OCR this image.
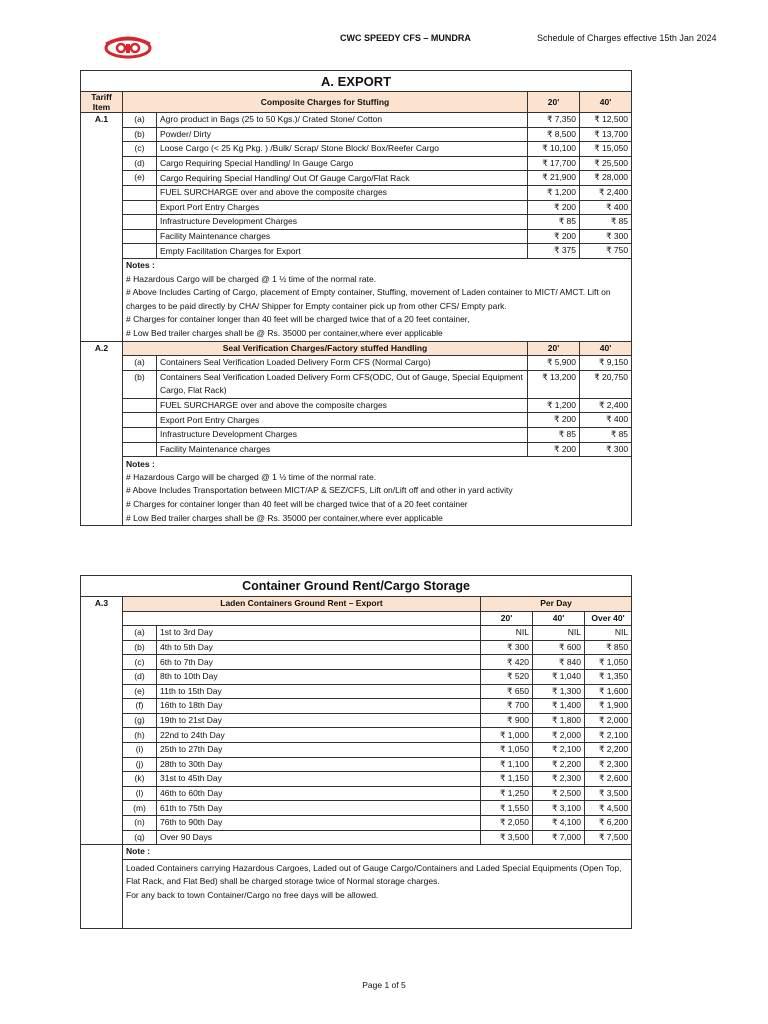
CWC SPEEDY CFS – MUNDRA	Schedule of Charges effective 15th Jan 2024
A. EXPORT				
Tariff Item	Composite Charges for Stuffing		20'	40'
A.1	(a)	Agro product in Bags (25 to 50 Kgs.)/ Crated Stone/ Cotton	₹ 7,350	₹ 12,500
	(b)	Powder/ Dirty	₹ 8,500	₹ 13,700
	(c)	Loose Cargo (< 25 Kg Pkg. ) /Bulk/ Scrap/ Stone Block/ Box/Reefer Cargo	₹ 10,100	₹ 15,050
	(d)	Cargo Requiring Special Handling/ In Gauge Cargo	₹ 17,700	₹ 25,500
	(e)	Cargo Requiring Special Handling/ Out Of Gauge Cargo/Flat Rack	₹ 21,900	₹ 28,000
		FUEL SURCHARGE over and above the composite charges	₹ 1,200	₹ 2,400
		Export Port Entry Charges	₹ 200	₹ 400
		Infrastructure Development Charges	₹ 85	₹ 85
		Facility Maintenance charges	₹ 200	₹ 300
		Empty Facilitation Charges for Export	₹ 375	₹ 750
	Notes :			
	# Hazardous Cargo will be charged @ 1 ½ time of the normal rate.			
	# Above Includes Carting of Cargo, placement of Empty container, Stuffing, movement of Laden container to MICT/ AMCT. Lift on charges to be paid directly by CHA/ Shipper for Empty container pick up from other CFS/ Empty park.			
	# Charges for container longer than 40 feet will be charged twice that of a 20 feet container,			
	# Low Bed trailer charges shall be @ Rs. 35000 per container,where ever applicable			
A.2	Seal Verification Charges/Factory stuffed Handling		20'	40'
	(a)	Containers Seal Verification Loaded Delivery Form CFS (Normal Cargo)	₹ 5,900	₹ 9,150
	(b)	Containers Seal Verification Loaded Delivery Form CFS(ODC, Out of Gauge, Special Equipment Cargo, Flat Rack)	₹ 13,200	₹ 20,750
		FUEL SURCHARGE over and above the composite charges	₹ 1,200	₹ 2,400
		Export Port Entry Charges	₹ 200	₹ 400
		Infrastructure Development Charges	₹ 85	₹ 85
		Facility Maintenance charges	₹ 200	₹ 300
	Notes :			
	# Hazardous Cargo will be charged @ 1 ½ time of the normal rate.			
	# Above Includes Transportation between MICT/AP & SEZ/CFS, Lift on/Lift off and other in yard activity			
	# Charges for container longer than 40 feet will be charged twice that of a 20 feet container			
	# Low Bed trailer charges shall be @ Rs. 35000 per container,where ever applicable			
Container Ground Rent/Cargo Storage					
A.3	Laden Containers Ground Rent – Export		Per Day		
			20'	40'	Over 40'
	(a)	1st to 3rd Day	NIL	NIL	NIL
	(b)	4th to 5th Day	₹ 300	₹ 600	₹ 850
	(c)	6th to 7th Day	₹ 420	₹ 840	₹ 1,050
	(d)	8th to 10th Day	₹ 520	₹ 1,040	₹ 1,350
	(e)	11th to 15th Day	₹ 650	₹ 1,300	₹ 1,600
	(f)	16th to 18th Day	₹ 700	₹ 1,400	₹ 1,900
	(g)	19th to 21st Day	₹ 900	₹ 1,800	₹ 2,000
	(h)	22nd to 24th Day	₹ 1,000	₹ 2,000	₹ 2,100
	(i)	25th to 27th Day	₹ 1,050	₹ 2,100	₹ 2,200
	(j)	28th to 30th Day	₹ 1,100	₹ 2,200	₹ 2,300
	(k)	31st to 45th Day	₹ 1,150	₹ 2,300	₹ 2,600
	(l)	46th to 60th Day	₹ 1,250	₹ 2,500	₹ 3,500
	(m)	61th to 75th Day	₹ 1,550	₹ 3,100	₹ 4,500
	(n)	76th to 90th Day	₹ 2,050	₹ 4,100	₹ 6,200
	(q)	Over 90 Days	₹ 3,500	₹ 7,000	₹ 7,500
	Note :				

	Loaded Containers carrying Hazardous Cargoes, Laded out of Gauge Cargo/Containers and Laded Special Equipments (Open Top, Flat Rack, and Flat Bed) shall be charged storage twice of Normal storage charges.
For any back to town Container/Cargo no free days will be allowed.				
Page 1 of 5
